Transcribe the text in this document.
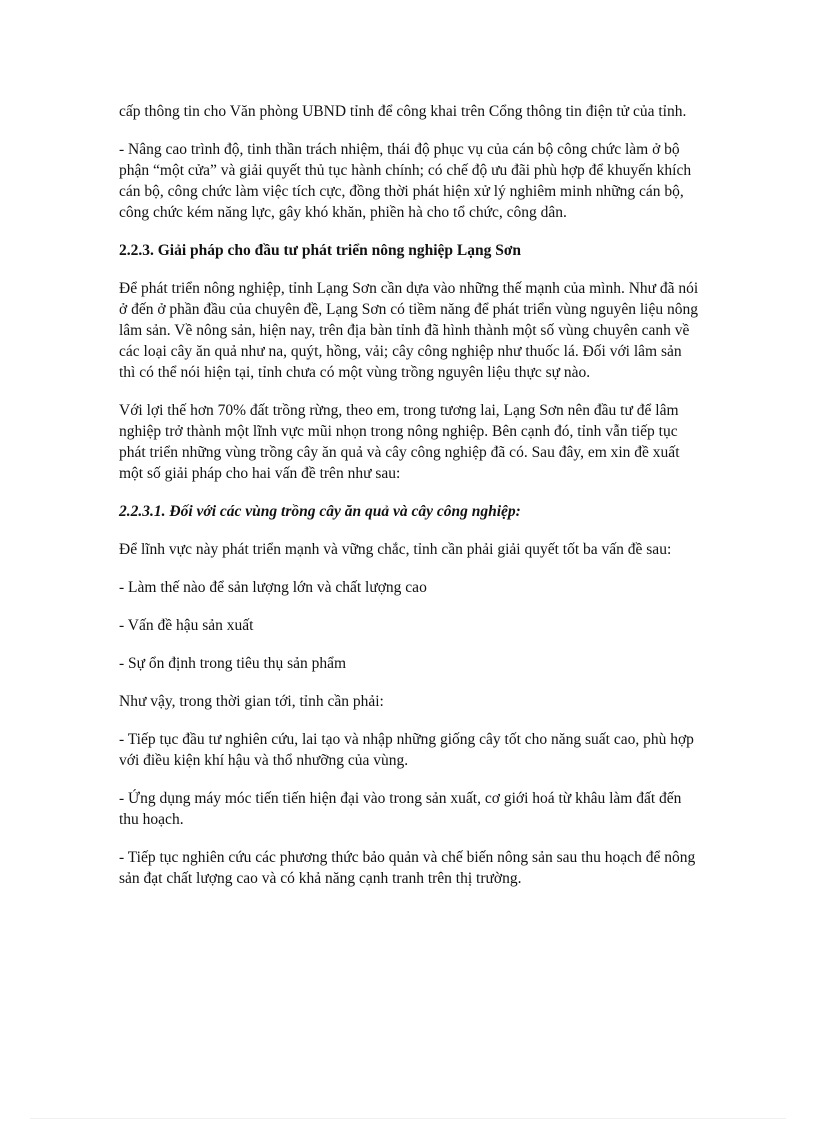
cấp thông tin cho Văn phòng UBND tỉnh để công khai trên Cổng thông tin điện tử của tỉnh.

- Nâng cao trình độ, tinh thần trách nhiệm, thái độ phục vụ của cán bộ công chức làm ở bộ phận “một cửa” và giải quyết thủ tục hành chính; có chế độ ưu đãi phù hợp để khuyến khích cán bộ, công chức làm việc tích cực, đồng thời phát hiện xử lý nghiêm minh những cán bộ, công chức kém năng lực, gây khó khăn, phiền hà cho tổ chức, công dân.

2.2.3. Giải pháp cho đầu tư phát triển nông nghiệp Lạng Sơn

Để phát triển nông nghiệp, tỉnh Lạng Sơn cần dựa vào những thế mạnh của mình. Như đã nói ở đến ở phần đầu của chuyên đề, Lạng Sơn có tiềm năng để phát triển vùng nguyên liệu nông lâm sản. Về nông sản, hiện nay, trên địa bàn tỉnh đã hình thành một số vùng chuyên canh về các loại cây ăn quả như na, quýt, hồng, vải; cây công nghiệp như thuốc lá. Đối với lâm sản thì có thể nói hiện tại, tỉnh chưa có một vùng trồng nguyên liệu thực sự nào.

Với lợi thế hơn 70% đất trồng rừng, theo em, trong tương lai, Lạng Sơn nên đầu tư để lâm nghiệp trở thành một lĩnh vực mũi nhọn trong nông nghiệp. Bên cạnh đó, tỉnh vẫn tiếp tục phát triển những vùng trồng cây ăn quả và cây công nghiệp đã có. Sau đây, em xin đề xuất một số giải pháp cho hai vấn đề trên như sau:

2.2.3.1. Đối với các vùng trồng cây ăn quả và cây công nghiệp:

Để lĩnh vực này phát triển mạnh và vững chắc, tỉnh cần phải giải quyết tốt ba vấn đề sau:

- Làm thế nào để sản lượng lớn và chất lượng cao

- Vấn đề hậu sản xuất

- Sự ổn định trong tiêu thụ sản phẩm

Như vậy, trong thời gian tới, tỉnh cần phải:

- Tiếp tục đầu tư nghiên cứu, lai tạo và nhập những giống cây tốt cho năng suất cao, phù hợp với điều kiện khí hậu và thổ nhưỡng của vùng.

- Ứng dụng máy móc tiến tiến hiện đại vào trong sản xuất, cơ giới hoá từ khâu làm đất đến thu hoạch.

- Tiếp tục nghiên cứu các phương thức bảo quản và chế biến nông sản sau thu hoạch để nông sản đạt chất lượng cao và có khả năng cạnh tranh trên thị trường.
